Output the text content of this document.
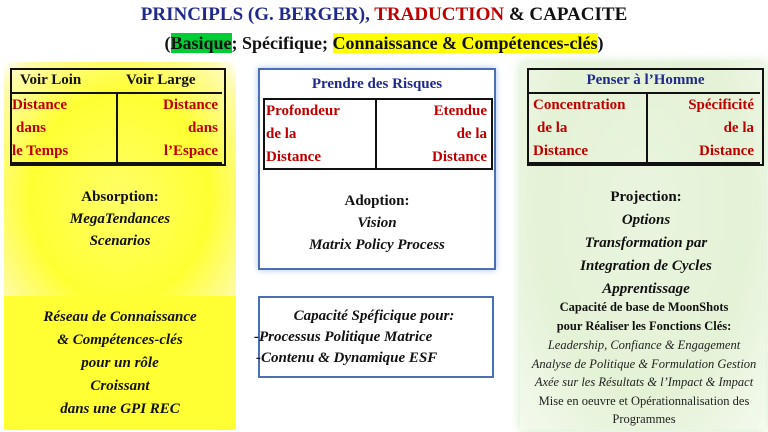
PRINCIPLS (G. BERGER), TRADUCTION & CAPACITE
(Basique; Spécifique; Connaissance & Compétences-clés)
Voir Loin	Voir Large
Distance
dans
le Temps
Distance
dans
l’Espace
Absorption:
MegaTendances
Scenarios
Réseau de Connaissance
& Compétences-clés
pour un rôle
Croissant
dans une GPI REC
Prendre des Risques
Profondeur
de la
Distance
Etendue
de la
Distance
Adoption:
Vision
Matrix Policy Process
Capacité Spéficique pour:
-Processus Politique Matrice
-Contenu & Dynamique ESF
Penser à l’Homme
Concentration
de la
Distance
Spécificité
de la
Distance
Projection:
Options
Transformation par
Integration de Cycles
Capacité de base de MoonShots
pour Réaliser les Fonctions Clés:
Leadership, Confiance & Engagement
Analyse de Politique & Formulation Gestion
Axée sur les Résultats & l’Impact & Impact
Mise en oeuvre et Opérationnalisation des
Programmes
